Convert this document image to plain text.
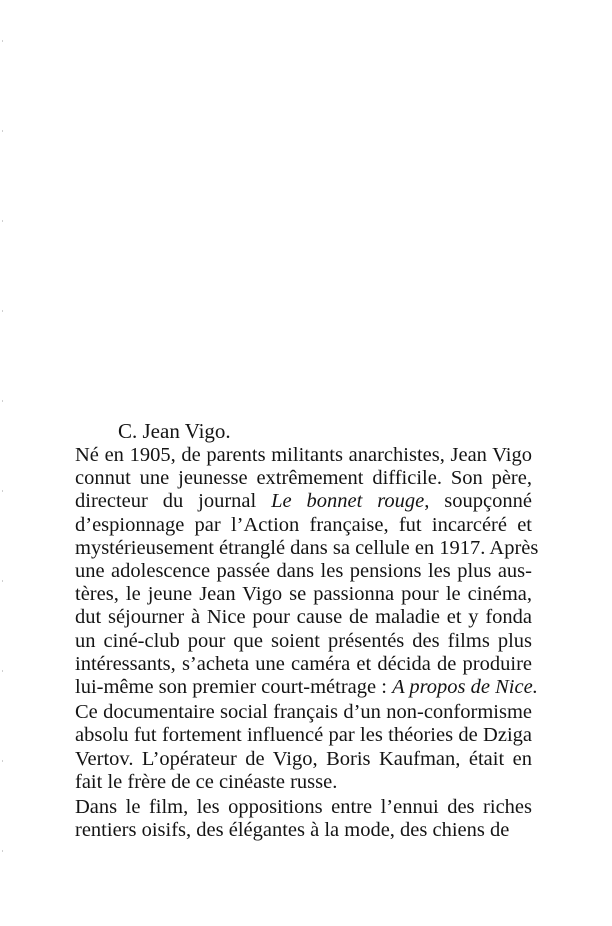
C. Jean Vigo.

Né en 1905, de parents militants anarchistes, Jean Vigo
connut une jeunesse extrêmement difficile. Son père,
directeur du journal Le bonnet rouge, soupçonné
d’espionnage par l’Action française, fut incarcéré et
mystérieusement étranglé dans sa cellule en 1917. Après
une adolescence passée dans les pensions les plus aus-
tères, le jeune Jean Vigo se passionna pour le cinéma,
dut séjourner à Nice pour cause de maladie et y fonda
un ciné-club pour que soient présentés des films plus
intéressants, s’acheta une caméra et décida de produire
lui-même son premier court-métrage : A propos de Nice.

Ce documentaire social français d’un non-conformisme
absolu fut fortement influencé par les théories de Dziga
Vertov. L’opérateur de Vigo, Boris Kaufman, était en
fait le frère de ce cinéaste russe.

Dans le film, les oppositions entre l’ennui des riches
rentiers oisifs, des élégantes à la mode, des chiens de
